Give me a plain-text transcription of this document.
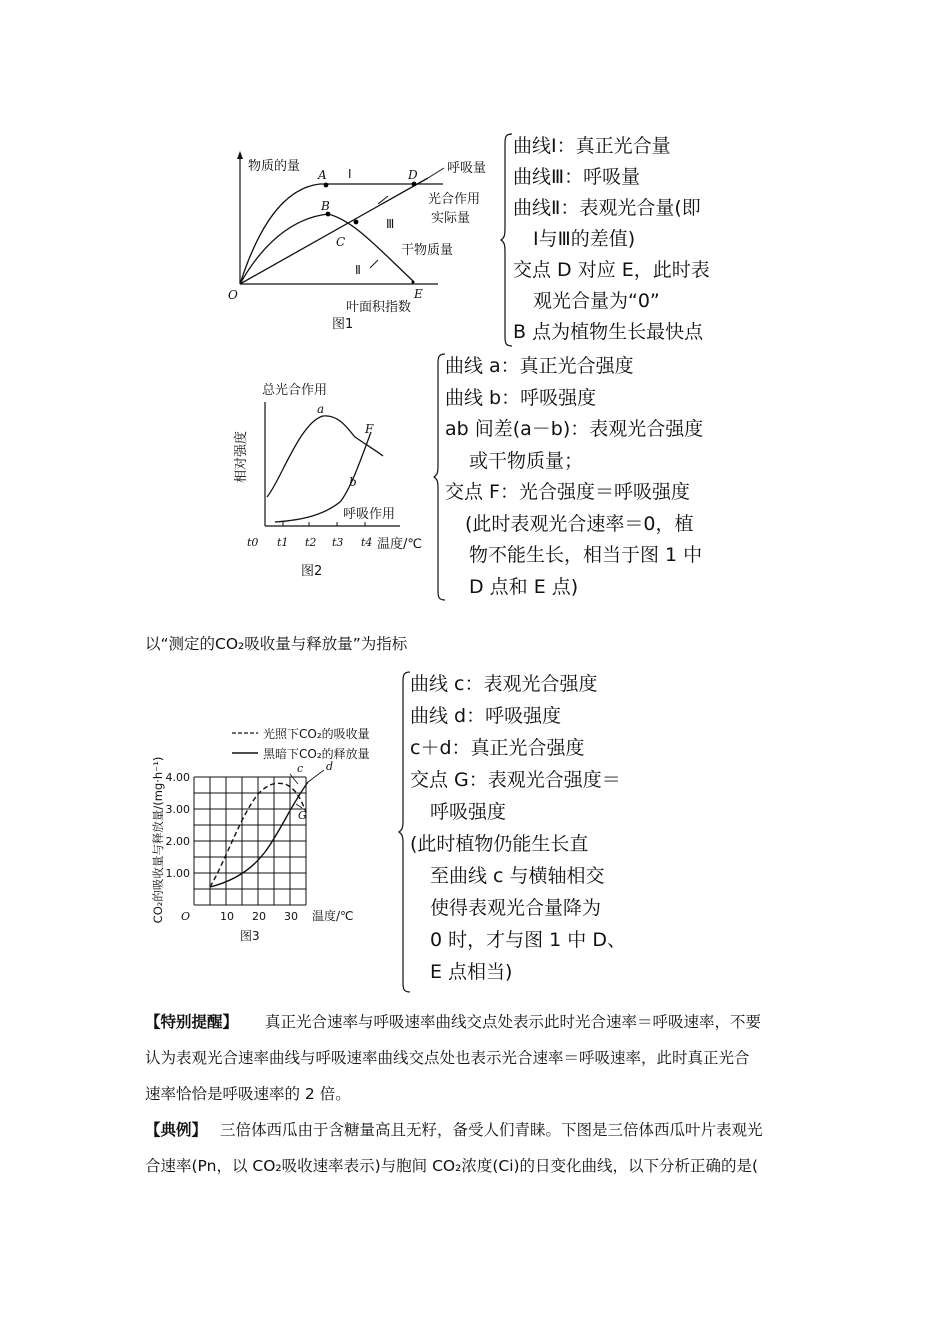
物质的量
叶面积指数
O
A
B
C
D
E
Ⅰ
Ⅲ
Ⅱ
呼吸量
光合作用
实际量
干物质量
图1
曲线Ⅰ：真正光合量
曲线Ⅲ：呼吸量
曲线Ⅱ：表观光合量(即
Ⅰ与Ⅲ的差值)
交点 D 对应 E，此时表
观光合量为“0”
B 点为植物生长最快点
相对强度
总光合作用
呼吸作用
a
b
F
t0 t1 t2 t3 t4 温度/℃
图2
曲线 a：真正光合强度
曲线 b：呼吸强度
ab 间差(a－b)：表观光合强度
或干物质量；
交点 F：光合强度＝呼吸强度
(此时表观光合速率＝0，植
物不能生长，相当于图 1 中
D 点和 E 点)
以“测定的CO₂吸收量与释放量”为指标
光照下CO₂的吸收量
黑暗下CO₂的释放量
CO₂的吸收量与释放量/(mg·h⁻¹) 4.00
3.00
2.00
1.00
O	10 20 30 温度/℃
c d
G
图3
曲线 c：表观光合强度
曲线 d：呼吸强度
c＋d：真正光合强度
交点 G：表观光合强度＝
呼吸强度
(此时植物仍能生长直
至曲线 c 与横轴相交
使得表观光合量降为
0 时，才与图 1 中 D、
E 点相当)
【特别提醒】 真正光合速率与呼吸速率曲线交点处表示此时光合速率＝呼吸速率，不要
认为表观光合速率曲线与呼吸速率曲线交点处也表示光合速率＝呼吸速率，此时真正光合
速率恰恰是呼吸速率的 2 倍。
【典例】 三倍体西瓜由于含糖量高且无籽，备受人们青睐。下图是三倍体西瓜叶片表观光
合速率(Pn，以 CO₂吸收速率表示)与胞间 CO₂浓度(Ci)的日变化曲线，以下分析正确的是(
